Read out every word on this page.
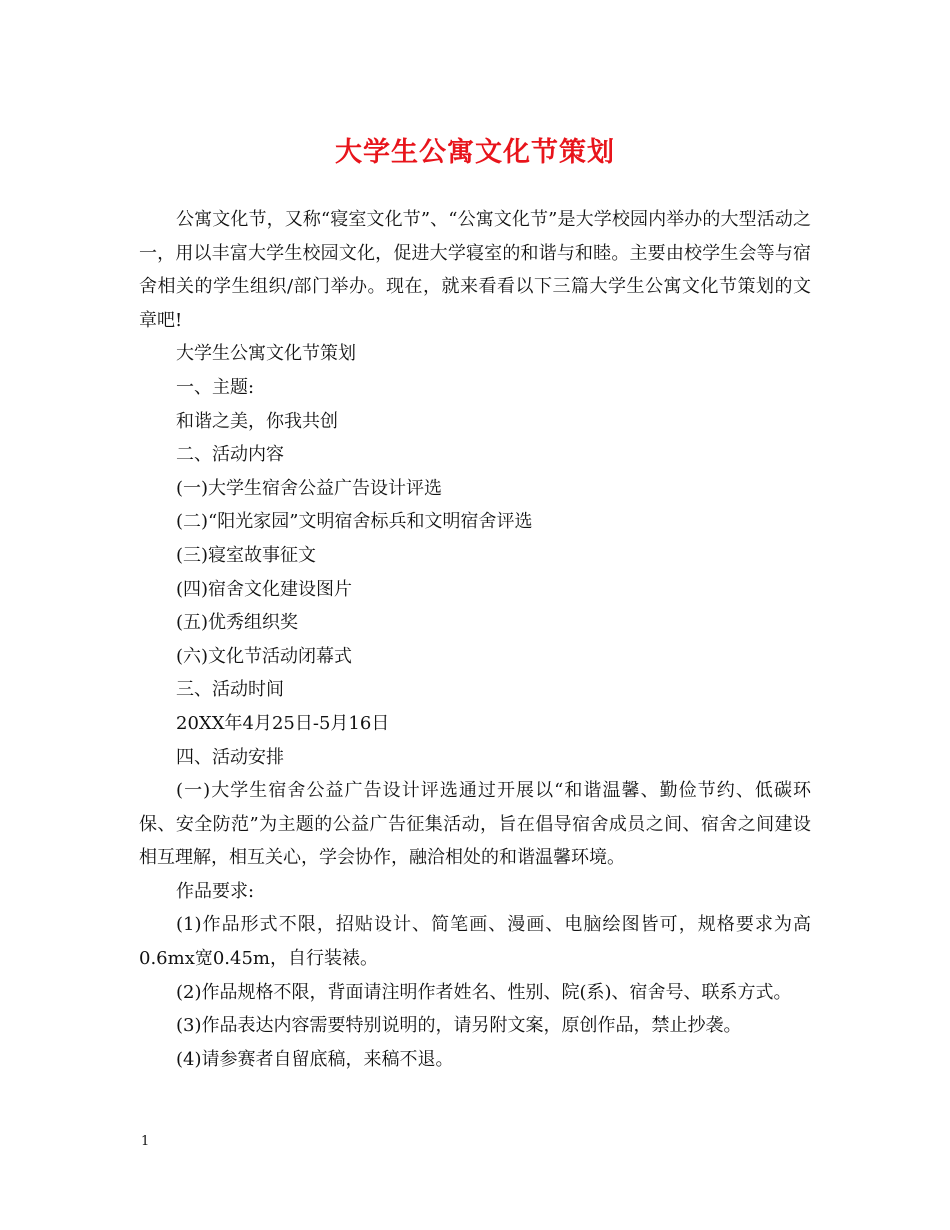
大学生公寓文化节策划

公寓文化节，又称“寝室文化节”、“公寓文化节”是大学校园内举办的大型活动之一，用以丰富大学生校园文化，促进大学寝室的和谐与和睦。主要由校学生会等与宿舍相关的学生组织/部门举办。现在，就来看看以下三篇大学生公寓文化节策划的文章吧!

大学生公寓文化节策划

一、主题:

和谐之美，你我共创

二、活动内容

(一)大学生宿舍公益广告设计评选

(二)“阳光家园”文明宿舍标兵和文明宿舍评选

(三)寝室故事征文

(四)宿舍文化建设图片

(五)优秀组织奖

(六)文化节活动闭幕式

三、活动时间

20XX年4月25日-5月16日

四、活动安排

(一)大学生宿舍公益广告设计评选通过开展以“和谐温馨、勤俭节约、低碳环保、安全防范”为主题的公益广告征集活动，旨在倡导宿舍成员之间、宿舍之间建设相互理解，相互关心，学会协作，融洽相处的和谐温馨环境。

作品要求:

(1)作品形式不限，招贴设计、简笔画、漫画、电脑绘图皆可，规格要求为高0.6mx宽0.45m，自行装裱。

(2)作品规格不限，背面请注明作者姓名、性别、院(系)、宿舍号、联系方式。

(3)作品表达内容需要特别说明的，请另附文案，原创作品，禁止抄袭。

(4)请参赛者自留底稿，来稿不退。

1
